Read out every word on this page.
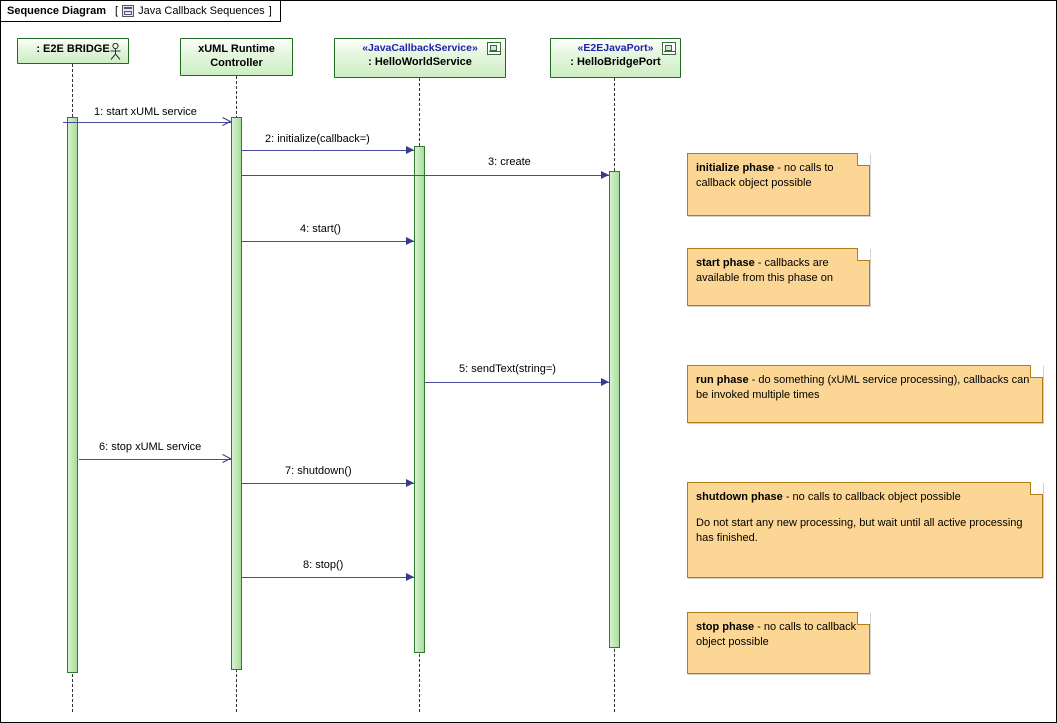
Sequence Diagram [ Java Callback Sequences ]
: E2E BRIDGE	xUML Runtime
Controller
«JavaCallbackService»
: HelloWorldService
«E2EJavaPort»
: HelloBridgePort
1: start xUML service
2: initialize(callback=)
3: create
4: start()
5: sendText(string=)
6: stop xUML service
7: shutdown()
8: stop()

initialize phase - no calls to callback object possible

start phase - callbacks are available from this phase on

run phase - do something (xUML service processing), callbacks can be invoked multiple times

shutdown phase - no calls to callback object possible

Do not start any new processing, but wait until all active processing has finished.

stop phase - no calls to callback object possible
